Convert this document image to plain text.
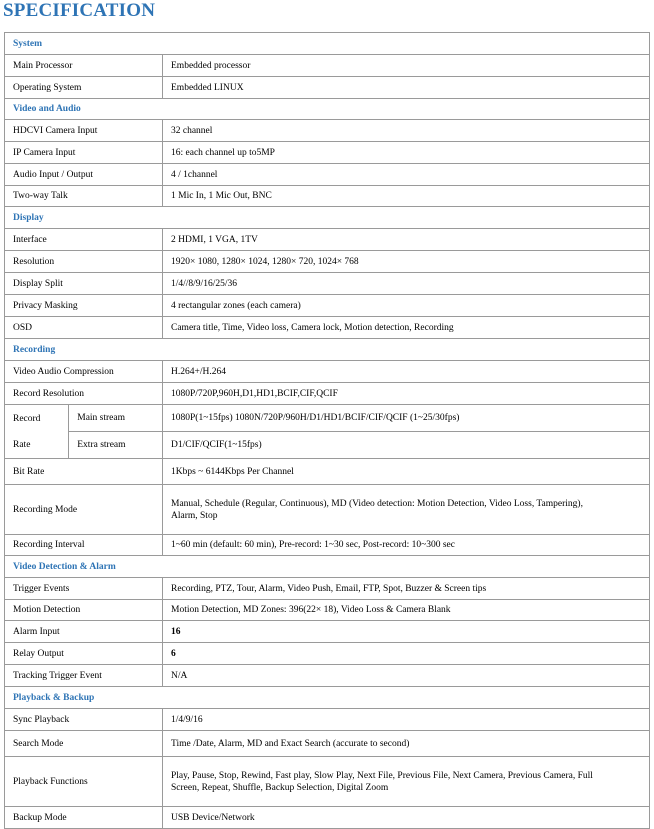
SPECIFICATION
System		
Main Processor		Embedded processor
Operating System		Embedded LINUX
Video and Audio		
HDCVI Camera Input		32 channel
IP Camera Input		16: each channel up to5MP
Audio Input / Output		4 / 1channel
Two-way Talk		1 Mic In, 1 Mic Out, BNC
Display		
Interface		2 HDMI, 1 VGA, 1TV
Resolution		1920× 1080, 1280× 1024, 1280× 720, 1024× 768
Display Split		1/4//8/9/16/25/36
Privacy Masking		4 rectangular zones (each camera)
OSD		Camera title, Time, Video loss, Camera lock, Motion detection, Recording
Recording		
Video Audio Compression		H.264+/H.264
Record Resolution		1080P/720P,960H,D1,HD1,BCIF,CIF,QCIF
Record
Rate	Main stream	1080P(1~15fps) 1080N/720P/960H/D1/HD1/BCIF/CIF/QCIF (1~25/30fps)
	Extra stream	D1/CIF/QCIF(1~15fps)
Bit Rate		1Kbps ~ 6144Kbps Per Channel
Recording Mode		Manual, Schedule (Regular, Continuous), MD (Video detection: Motion Detection, Video Loss, Tampering),
Alarm, Stop
Recording Interval		1~60 min (default: 60 min), Pre-record: 1~30 sec, Post-record: 10~300 sec
Video Detection & Alarm		
Trigger Events		Recording, PTZ, Tour, Alarm, Video Push, Email, FTP, Spot, Buzzer & Screen tips
Motion Detection		Motion Detection, MD Zones: 396(22× 18), Video Loss & Camera Blank
Alarm Input		16
Relay Output		6
Tracking Trigger Event		N/A
Playback & Backup		
Sync Playback		1/4/9/16
Search Mode		Time /Date, Alarm, MD and Exact Search (accurate to second)
Playback Functions		Play, Pause, Stop, Rewind, Fast play, Slow Play, Next File, Previous File, Next Camera, Previous Camera, Full
Screen, Repeat, Shuffle, Backup Selection, Digital Zoom
Backup Mode		USB Device/Network
